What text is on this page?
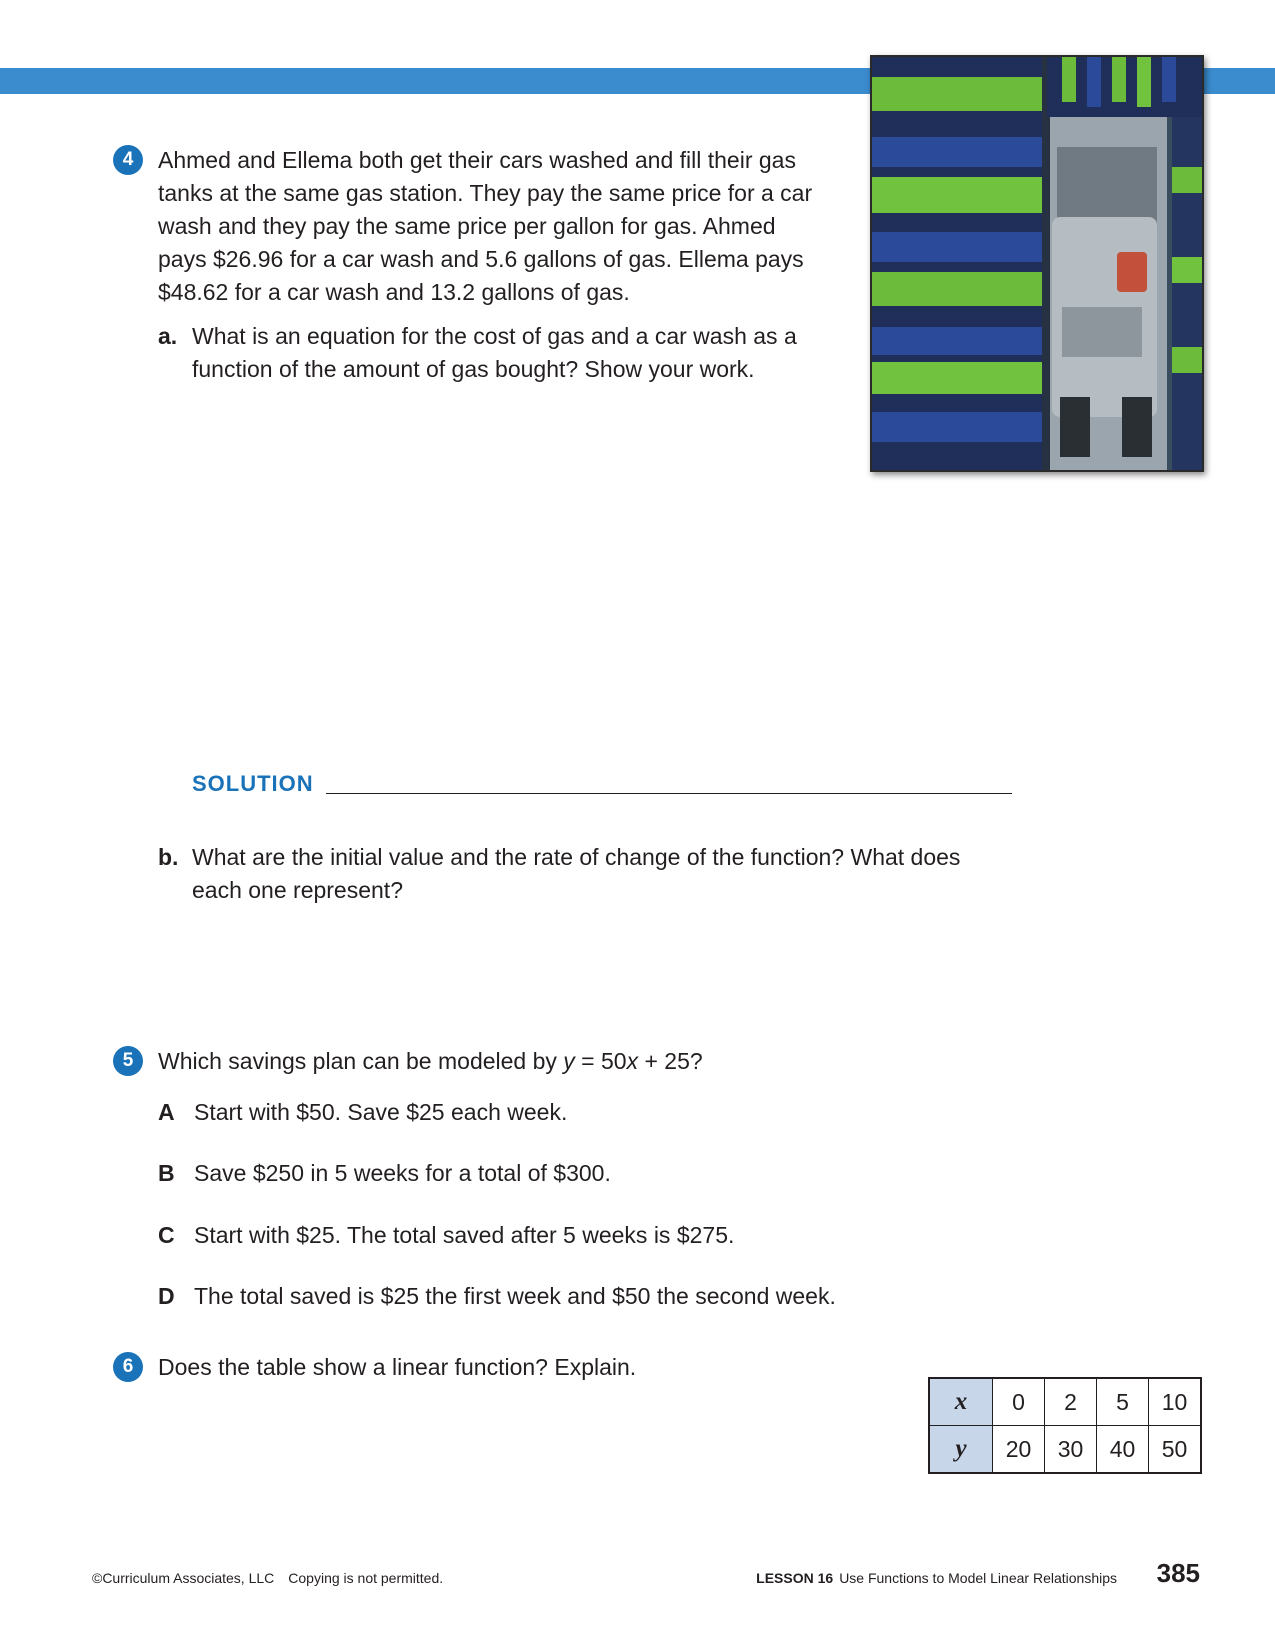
4	Ahmed and Ellema both get their cars washed and fill their gas
tanks at the same gas station. They pay the same price for a car
wash and they pay the same price per gallon for gas. Ahmed
pays $26.96 for a car wash and 5.6 gallons of gas. Ellema pays
$48.62 for a car wash and 13.2 gallons of gas.
a. What is an equation for the cost of gas and a car wash as a
function of the amount of gas bought? Show your work.
SOLUTION
b. What are the initial value and the rate of change of the function? What does
each one represent?
5	Which savings plan can be modeled by y = 50x + 25?
A Start with $50. Save $25 each week.
B Save $250 in 5 weeks for a total of $300.
C Start with $25. The total saved after 5 weeks is $275.
D The total saved is $25 the first week and $50 the second week.
6	Does the table show a linear function? Explain.
x	0	2	5	10
y	20	30	40	50
©Curriculum Associates, LLC Copying is not permitted.	LESSON 16 Use Functions to Model Linear Relationships 385
